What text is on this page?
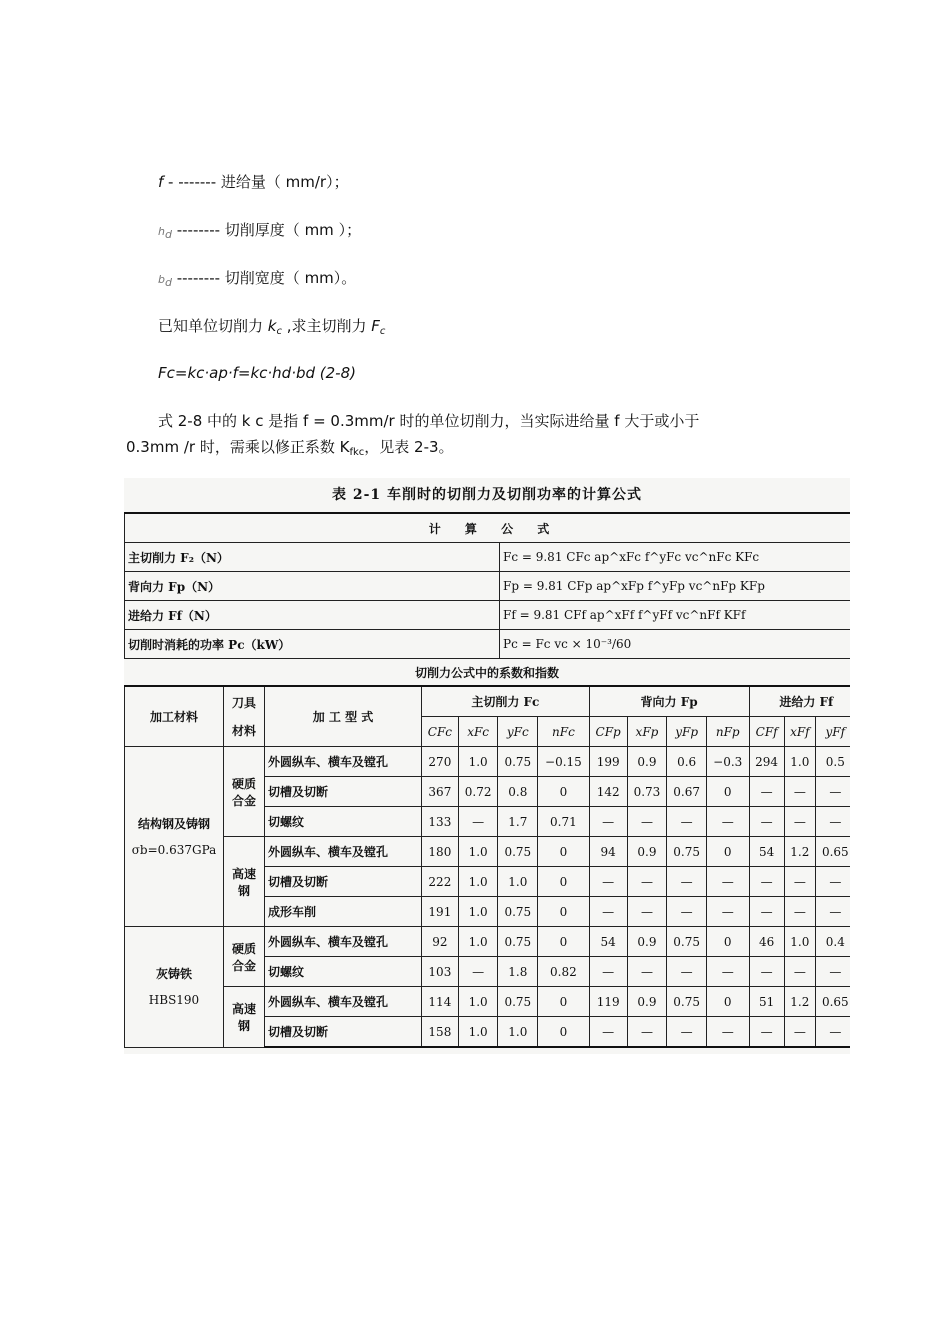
f - ------- 进给量（ mm/r）；
$h_d$ -------- 切削厚度（ mm ）；
$b_d$ -------- 切削宽度（ mm）。
已知单位切削力 $k_c$ ,求主切削力 $F_c$
Fc=kc·ap·f=kc·hd·bd (2-8)
式 2-8 中的 k c 是指 f = 0.3mm/r 时的单位切削力，当实际进给量 f 大于或小于
0.3mm /r 时，需乘以修正系数 $K_{fkc}$，见表 2-3。
表 2-1 车削时的切削力及切削功率的计算公式
计 算 公 式	
主切削力 F₂（N）	Fc = 9.81 CFc ap^xFc f^yFc vc^nFc KFc
背向力 Fp（N）	Fp = 9.81 CFp ap^xFp f^yFp vc^nFp KFp
进给力 Ff（N）	Ff = 9.81 CFf ap^xFf f^yFf vc^nFf KFf
切削时消耗的功率 Pc（kW）	Pc = Fc vc × 10⁻³/60
切削力公式中的系数和指数
加工材料	刀具材料	加 工 型 式	主切削力 Fc				背向力 Fp				进给力 Ff			
			CFc	xFc	yFc	nFc	CFp	xFp	yFp	nFp	CFf	xFf	yFf	

结构钢及铸钢
σb=0.637GPa	硬质合金	外圆纵车、横车及镗孔	270	1.0	0.75	−0.15	199	0.9	0.6	−0.3	294	1.0	0.5	
		切槽及切断	367	0.72	0.8	0	142	0.73	0.67	0	—	—	—	
		切螺纹	133	—	1.7	0.71	—	—	—	—	—	—	—	
	高速钢	外圆纵车、横车及镗孔	180	1.0	0.75	0	94	0.9	0.75	0	54	1.2	0.65	
		切槽及切断	222	1.0	1.0	0	—	—	—	—	—	—	—	
		成形车削	191	1.0	0.75	0	—	—	—	—	—	—	—	

灰铸铁
HBS190	硬质合金	外圆纵车、横车及镗孔	92	1.0	0.75	0	54	0.9	0.75	0	46	1.0	0.4	
		切螺纹	103	—	1.8	0.82	—	—	—	—	—	—	—	
	高速钢	外圆纵车、横车及镗孔	114	1.0	0.75	0	119	0.9	0.75	0	51	1.2	0.65	
		切槽及切断	158	1.0	1.0	0	—	—	—	—	—	—	—	
